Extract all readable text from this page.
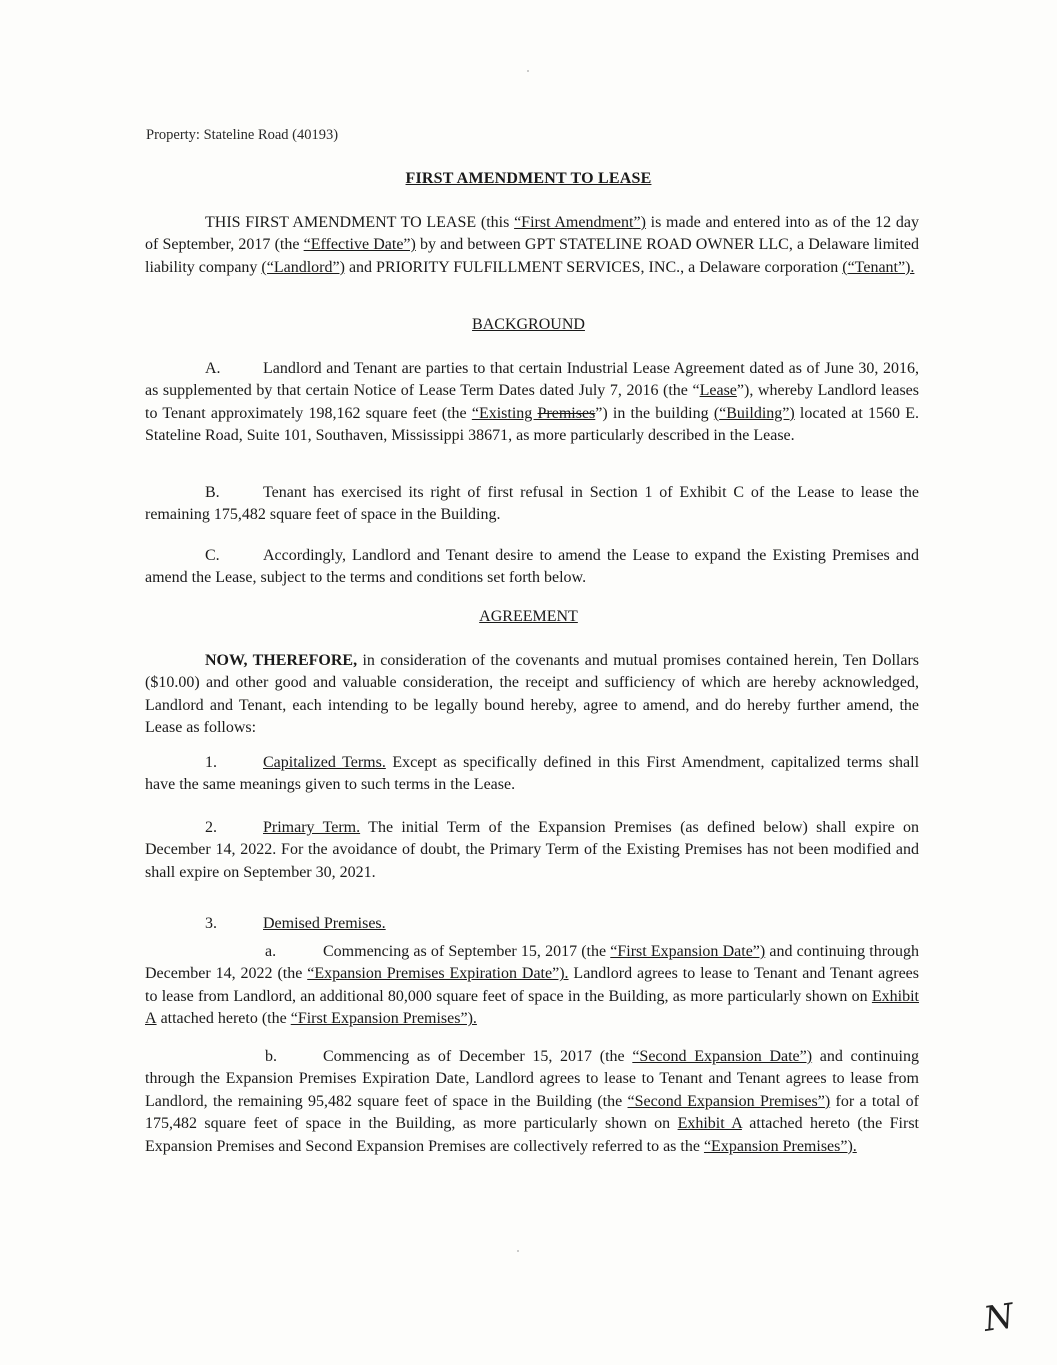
Property: Stateline Road (40193)
FIRST AMENDMENT TO LEASE
THIS FIRST AMENDMENT TO LEASE (this “First Amendment”) is made and entered into as of the 12 day of September, 2017 (the “Effective Date”) by and between GPT STATELINE ROAD OWNER LLC, a Delaware limited liability company (“Landlord”) and PRIORITY FULFILLMENT SERVICES, INC., a Delaware corporation (“Tenant”).
BACKGROUND
A.	Landlord and Tenant are parties to that certain Industrial Lease Agreement dated as of June 30, 2016, as supplemented by that certain Notice of Lease Term Dates dated July 7, 2016 (the “Lease”), whereby Landlord leases to Tenant approximately 198,162 square feet (the “Existing Premises”) in the building (“Building”) located at 1560 E. Stateline Road, Suite 101, Southaven, Mississippi 38671, as more particularly described in the Lease.
B.	Tenant has exercised its right of first refusal in Section 1 of Exhibit C of the Lease to lease the remaining 175,482 square feet of space in the Building.
C.	Accordingly, Landlord and Tenant desire to amend the Lease to expand the Existing Premises and amend the Lease, subject to the terms and conditions set forth below.
AGREEMENT
NOW, THEREFORE, in consideration of the covenants and mutual promises contained herein, Ten Dollars ($10.00) and other good and valuable consideration, the receipt and sufficiency of which are hereby acknowledged, Landlord and Tenant, each intending to be legally bound hereby, agree to amend, and do hereby further amend, the Lease as follows:
1.	Capitalized Terms. Except as specifically defined in this First Amendment, capitalized terms shall have the same meanings given to such terms in the Lease.
2.	Primary Term. The initial Term of the Expansion Premises (as defined below) shall expire on December 14, 2022. For the avoidance of doubt, the Primary Term of the Existing Premises has not been modified and shall expire on September 30, 2021.
3.	Demised Premises.
a.	Commencing as of September 15, 2017 (the “First Expansion Date”) and continuing through December 14, 2022 (the “Expansion Premises Expiration Date”). Landlord agrees to lease to Tenant and Tenant agrees to lease from Landlord, an additional 80,000 square feet of space in the Building, as more particularly shown on Exhibit A attached hereto (the “First Expansion Premises”).
b.	Commencing as of December 15, 2017 (the “Second Expansion Date”) and continuing through the Expansion Premises Expiration Date, Landlord agrees to lease to Tenant and Tenant agrees to lease from Landlord, the remaining 95,482 square feet of space in the Building (the “Second Expansion Premises”) for a total of 175,482 square feet of space in the Building, as more particularly shown on Exhibit A attached hereto (the First Expansion Premises and Second Expansion Premises are collectively referred to as the “Expansion Premises”).
N
